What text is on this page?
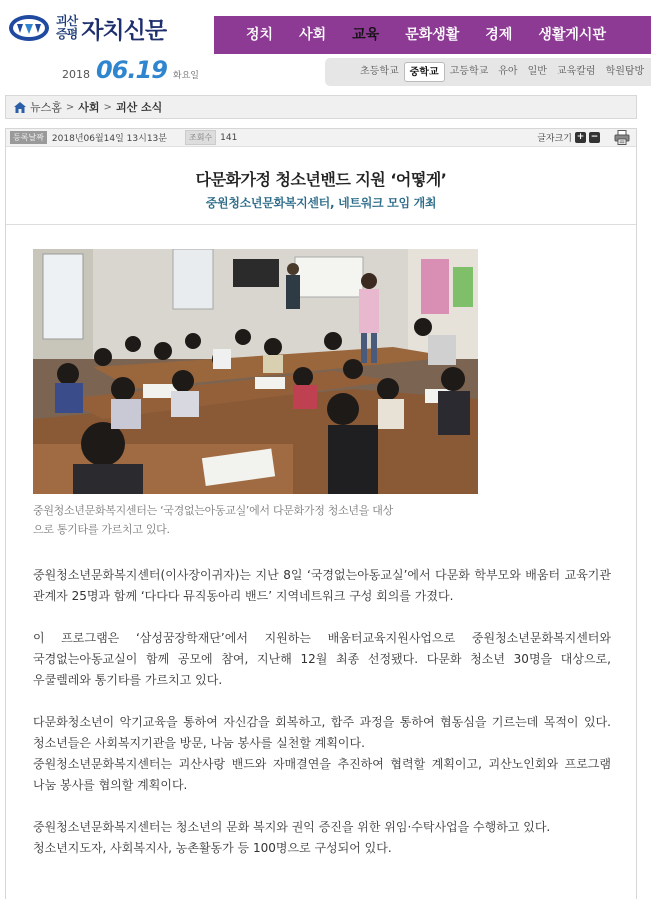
괴산
증평 자치신문
2018 06.19 화요일
정치	사회	교육	문화생활	경제	생활게시판
초등학교	중학교	고등학교	유아	일반	교육칼럼	학원탐방
뉴스홈 > 사회 > 괴산 소식
등록날짜 2018년06월14일 13시13분	조회수 141	글자크기 + −
다문화가정 청소년밴드 지원 ‘어떻게’
중원청소년문화복지센터, 네트워크 모임 개최
중원청소년문화복지센터는 ‘국경없는아동교실’에서 다문화가정 청소년을 대상
으로 통기타를 가르치고 있다.

중원청소년문화복지센터(이사장이귀자)는 지난 8일 ‘국경없는아동교실’에서 다문화 학부모와 배움터 교육기관 관계자 25명과 함께 ‘다다다 뮤직동아리 밴드’ 지역네트워크 구성 회의를 가졌다.

이 프로그램은 ‘삼성꿈장학재단’에서 지원하는 배움터교육지원사업으로 중원청소년문화복지센터와 국경없는아동교실이 함께 공모에 참여, 지난해 12월 최종 선정됐다. 다문화 청소년 30명을 대상으로, 우쿨렐레와 통기타를 가르치고 있다.

다문화청소년이 악기교육을 통하여 자신감을 회복하고, 합주 과정을 통하여 협동심을 기르는데 목적이 있다. 청소년들은 사회복지기관을 방문, 나눔 봉사를 실천할 계획이다.

중원청소년문화복지센터는 괴산사랑 밴드와 자매결연을 추진하여 협력할 계획이고, 괴산노인회와 프로그램 나눔 봉사를 협의할 계획이다.

중원청소년문화복지센터는 청소년의 문화 복지와 권익 증진을 위한 위임·수탁사업을 수행하고 있다.

청소년지도자, 사회복지사, 농촌활동가 등 100명으로 구성되어 있다.
